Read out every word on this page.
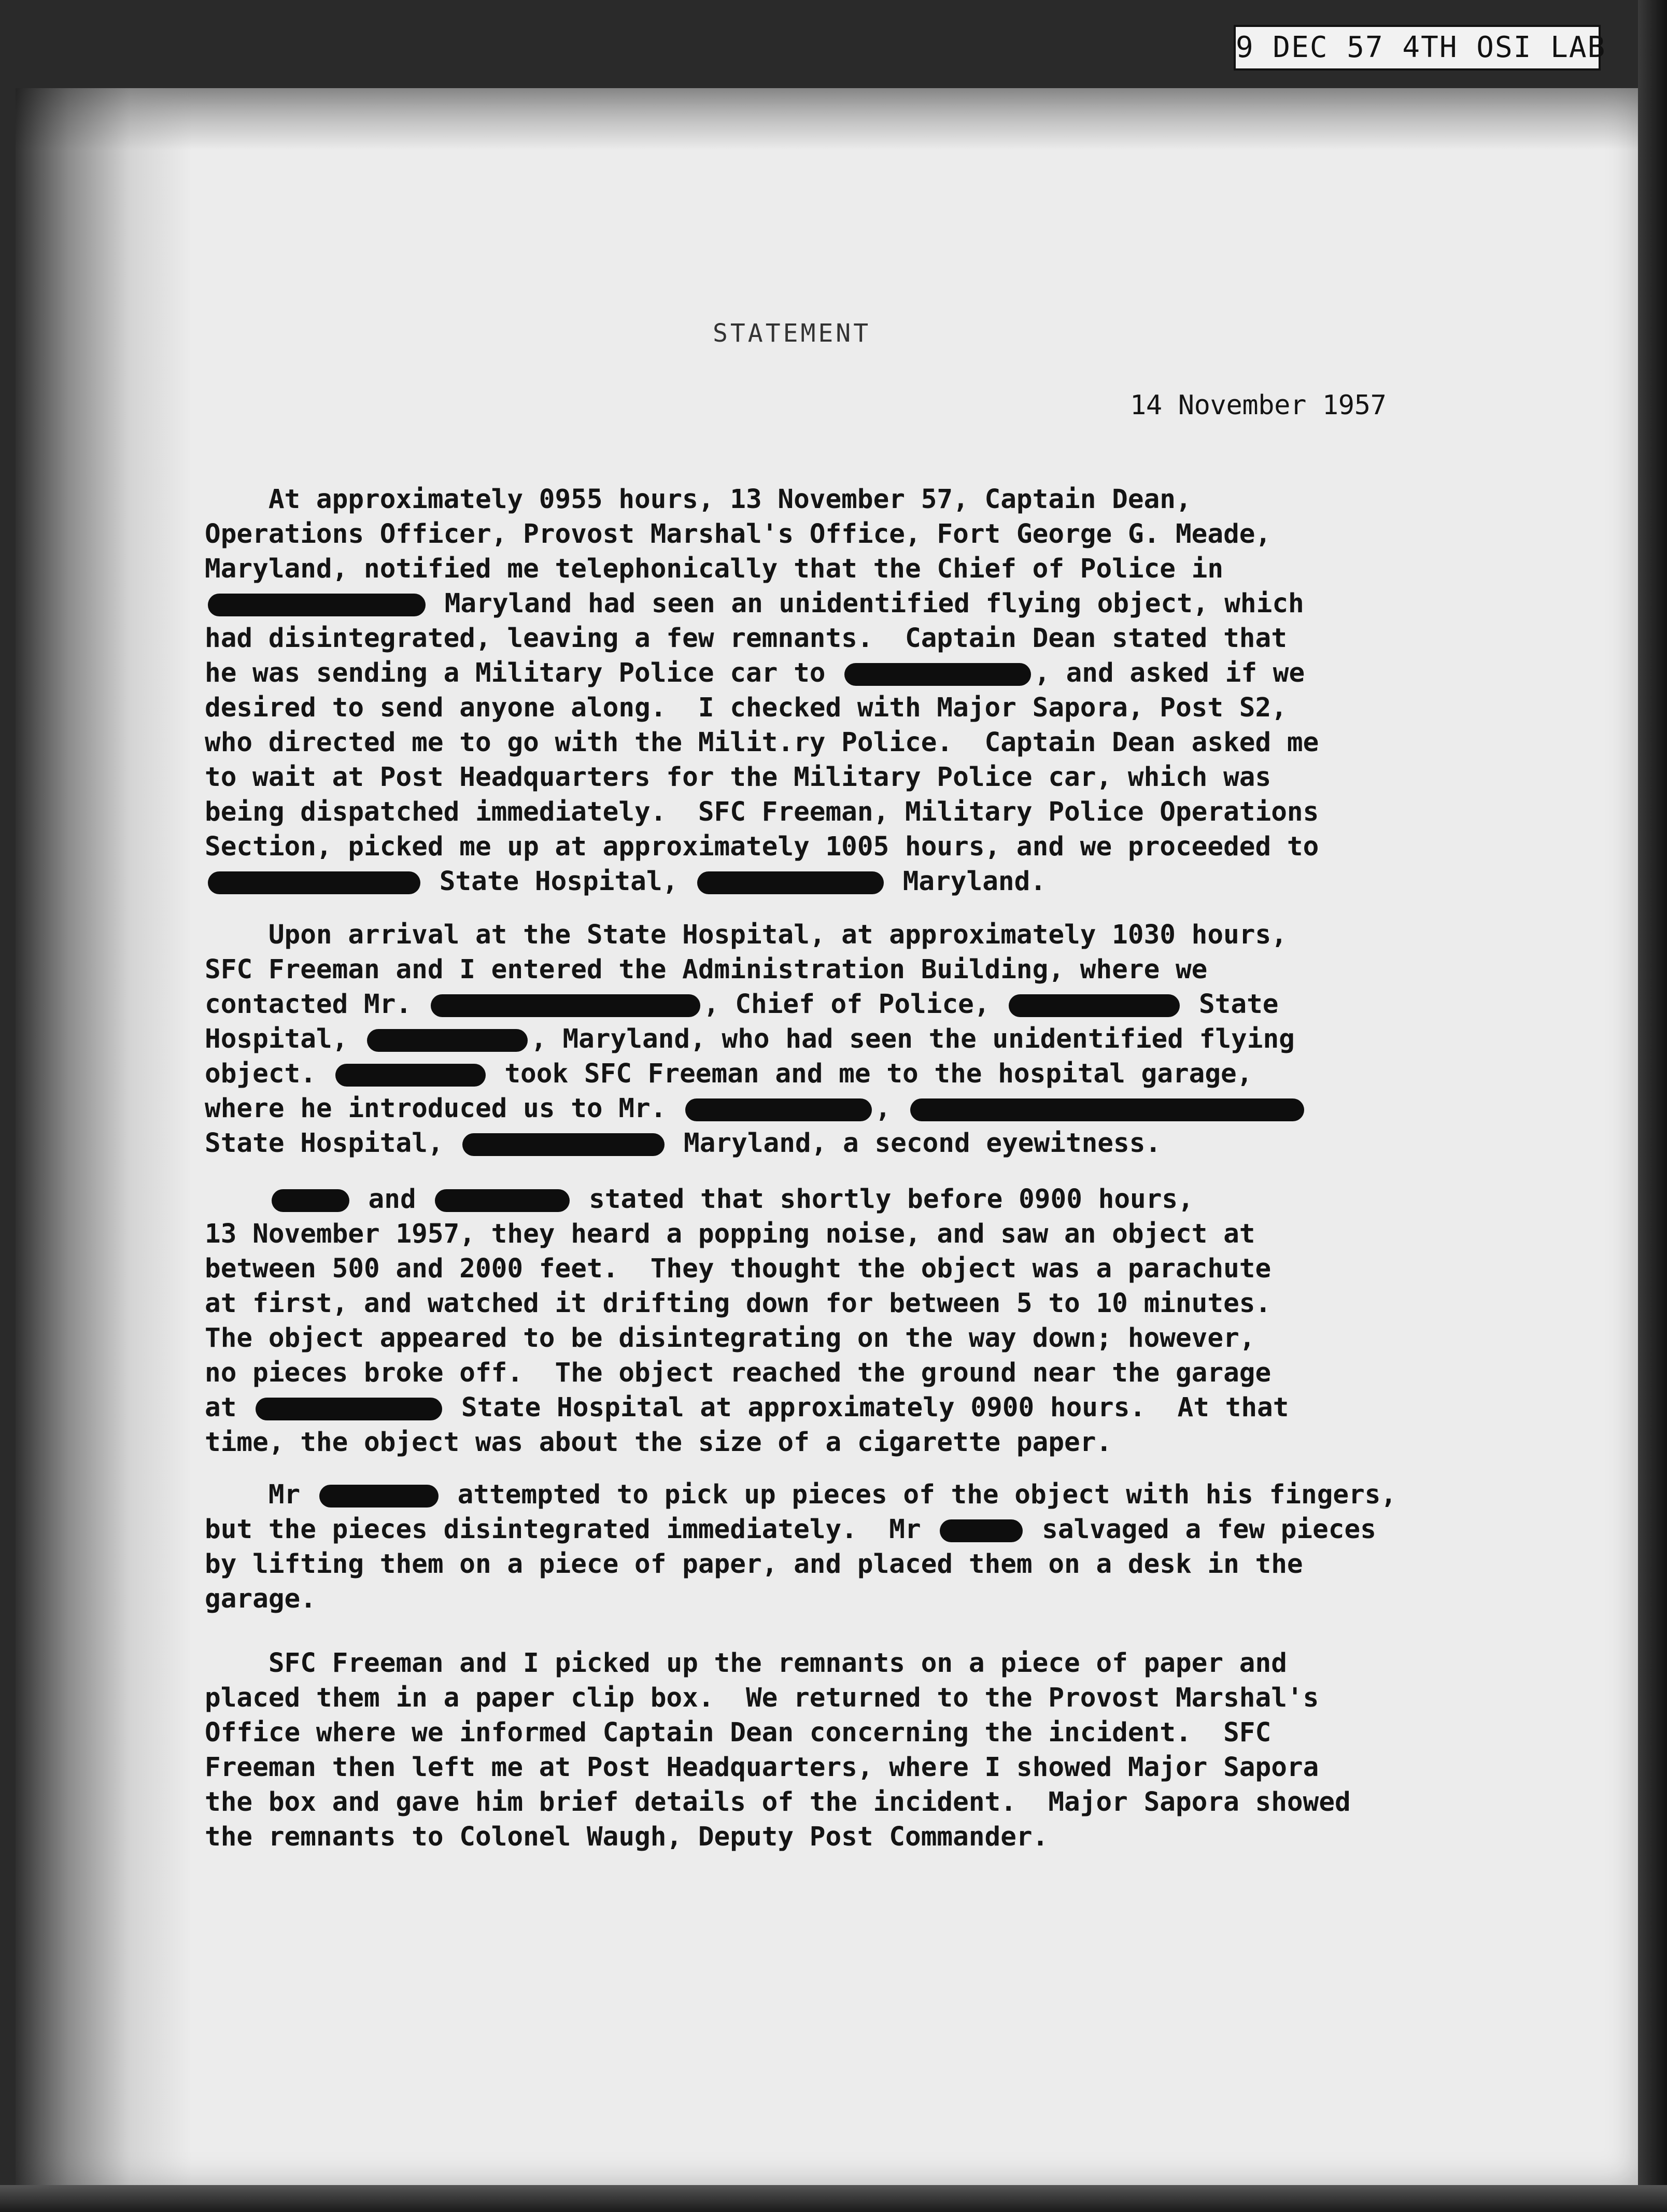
9 DEC 57 4TH OSI LAB
STATEMENT
14 November 1957
At approximately 0955 hours, 13 November 57, Captain Dean,
Operations Officer, Provost Marshal's Office, Fort George G. Meade,
Maryland, notified me telephonically that the Chief of Police in
Maryland had seen an unidentified flying object, which
had disintegrated, leaving a few remnants.  Captain Dean stated that
he was sending a Military Police car to	, and asked if we
desired to send anyone along.  I checked with Major Sapora, Post S2,
who directed me to go with the Milit.ry Police.  Captain Dean asked me
to wait at Post Headquarters for the Military Police car, which was
being dispatched immediately.  SFC Freeman, Military Police Operations
Section, picked me up at approximately 1005 hours, and we proceeded to
State Hospital,	Maryland.
Upon arrival at the State Hospital, at approximately 1030 hours,
SFC Freeman and I entered the Administration Building, where we
contacted Mr.	, Chief of Police,	State
Hospital,	, Maryland, who had seen the unidentified flying
object.	took SFC Freeman and me to the hospital garage,
where he introduced us to Mr.	,
State Hospital,	Maryland, a second eyewitness.
and	stated that shortly before 0900 hours,
13 November 1957, they heard a popping noise, and saw an object at
between 500 and 2000 feet.  They thought the object was a parachute
at first, and watched it drifting down for between 5 to 10 minutes.
The object appeared to be disintegrating on the way down; however,
no pieces broke off.  The object reached the ground near the garage
at	State Hospital at approximately 0900 hours.  At that
time, the object was about the size of a cigarette paper.
Mr	attempted to pick up pieces of the object with his fingers,
but the pieces disintegrated immediately.  Mr	salvaged a few pieces
by lifting them on a piece of paper, and placed them on a desk in the
garage.
SFC Freeman and I picked up the remnants on a piece of paper and
placed them in a paper clip box.  We returned to the Provost Marshal's
Office where we informed Captain Dean concerning the incident.  SFC
Freeman then left me at Post Headquarters, where I showed Major Sapora
the box and gave him brief details of the incident.  Major Sapora showed
the remnants to Colonel Waugh, Deputy Post Commander.
